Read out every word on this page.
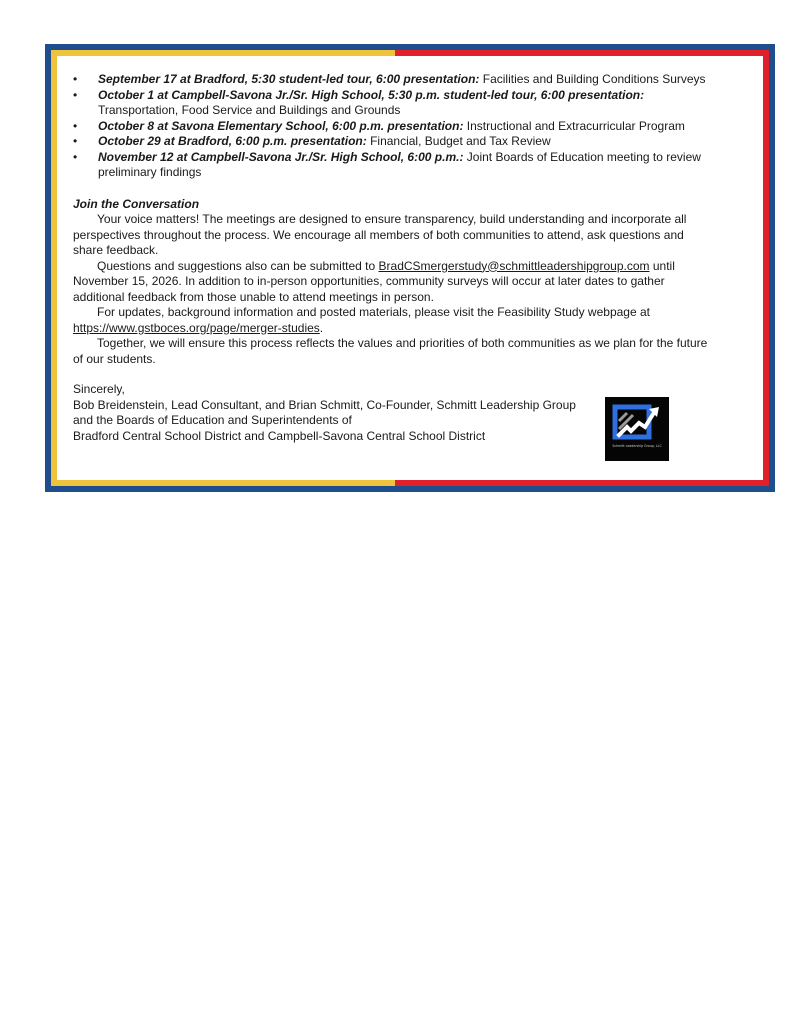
• September 17 at Bradford, 5:30 student-led tour, 6:00 presentation: Facilities and Building Conditions Surveys
• October 1 at Campbell-Savona Jr./Sr. High School, 5:30 p.m. student-led tour, 6:00 presentation: Transportation, Food Service and Buildings and Grounds
• October 8 at Savona Elementary School, 6:00 p.m. presentation: Instructional and Extracurricular Program
• October 29 at Bradford, 6:00 p.m. presentation: Financial, Budget and Tax Review
• November 12 at Campbell-Savona Jr./Sr. High School, 6:00 p.m.: Joint Boards of Education meeting to review preliminary findings
Join the Conversation

Your voice matters! The meetings are designed to ensure transparency, build understanding and incorporate all perspectives throughout the process. We encourage all members of both communities to attend, ask questions and share feedback.

Questions and suggestions also can be submitted to BradCSmergerstudy@schmittleadershipgroup.com until November 15, 2026. In addition to in-person opportunities, community surveys will occur at later dates to gather additional feedback from those unable to attend meetings in person.

For updates, background information and posted materials, please visit the Feasibility Study webpage at https://www.gstboces.org/page/merger-studies.

Together, we will ensure this process reflects the values and priorities of both communities as we plan for the future of our students.

Sincerely,
Bob Breidenstein, Lead Consultant, and Brian Schmitt, Co-Founder, Schmitt Leadership Group
and the Boards of Education and Superintendents of
Bradford Central School District and Campbell-Savona Central School District
Schmitt Leadership Group, LLC
